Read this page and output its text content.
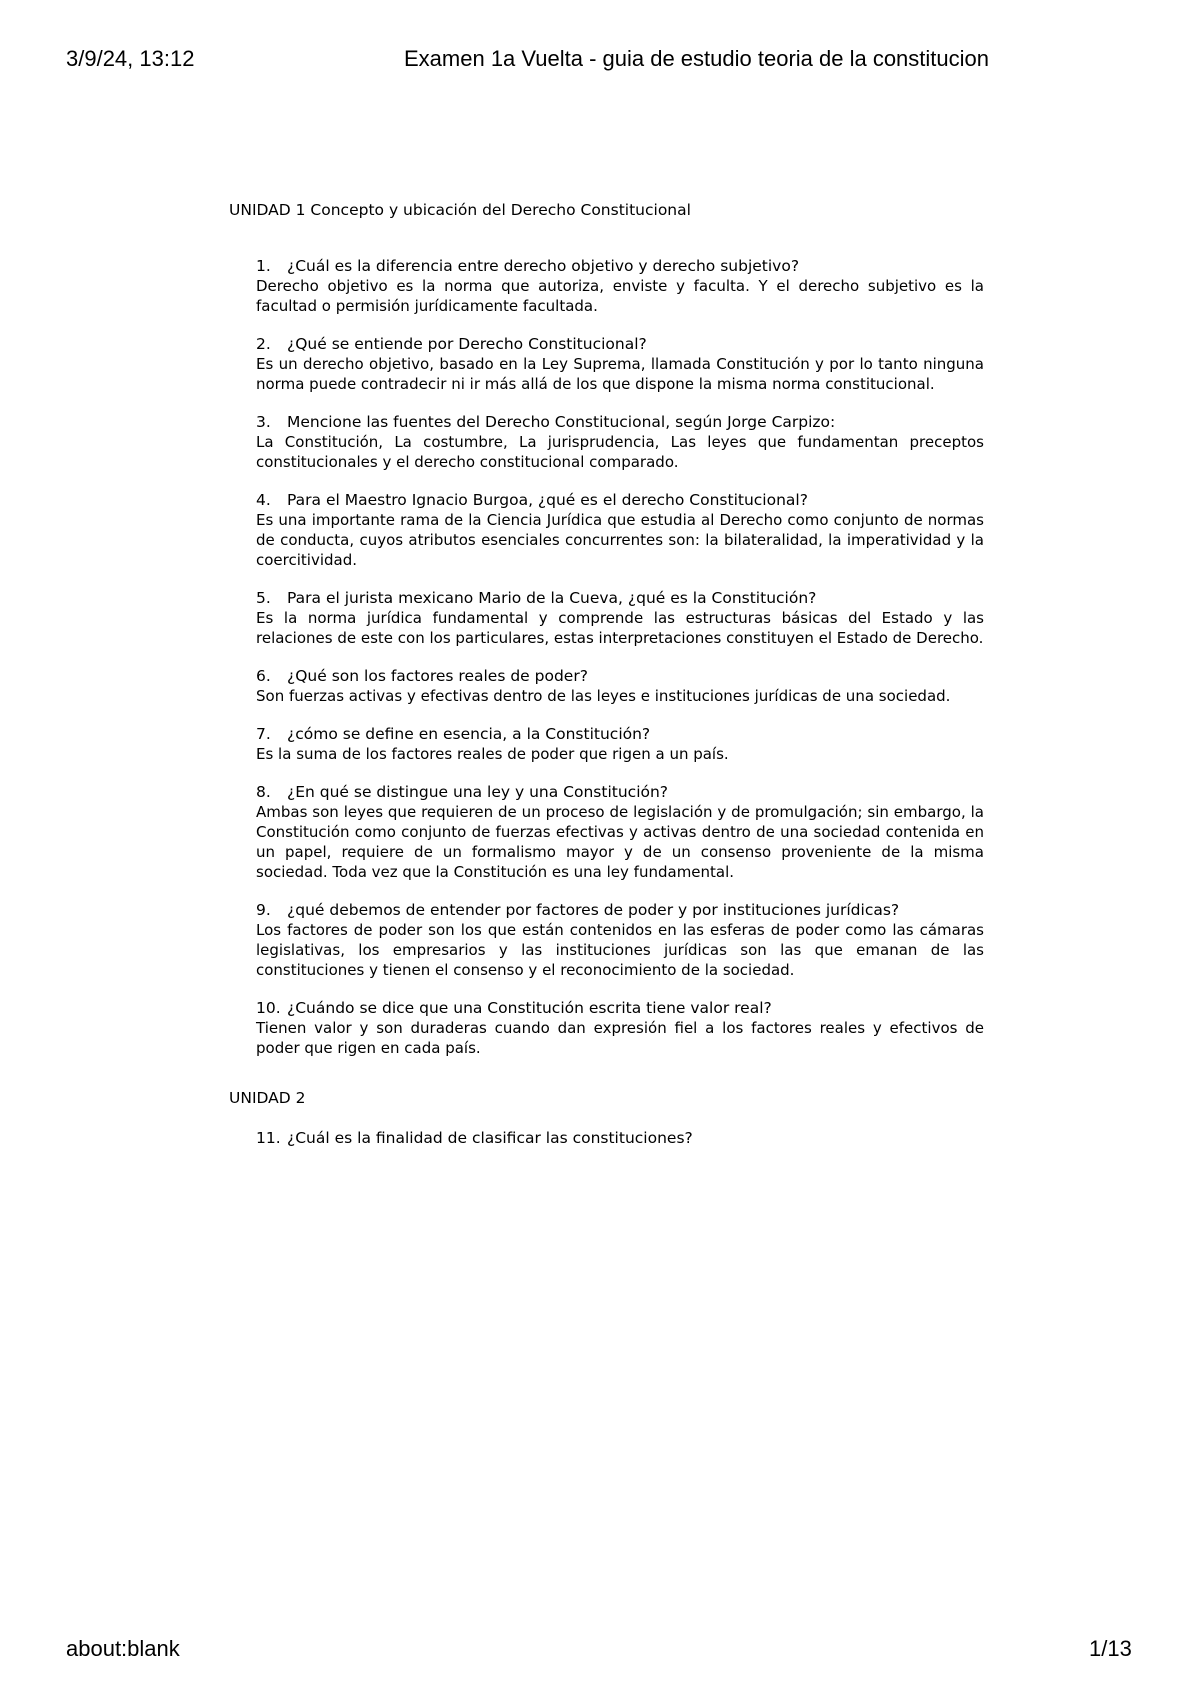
3/9/24, 13:12	Examen 1a Vuelta - guia de estudio teoria de la constitucion
UNIDAD 1 Concepto y ubicación del Derecho Constitucional
1.	¿Cuál es la diferencia entre derecho objetivo y derecho subjetivo?
Derecho objetivo es la norma que autoriza, enviste y faculta. Y el derecho subjetivo es la facultad o permisión jurídicamente facultada.
2.	¿Qué se entiende por Derecho Constitucional?
Es un derecho objetivo, basado en la Ley Suprema, llamada Constitución y por lo tanto ninguna norma puede contradecir ni ir más allá de los que dispone la misma norma constitucional.
3.	Mencione las fuentes del Derecho Constitucional, según Jorge Carpizo:
La Constitución, La costumbre, La jurisprudencia, Las leyes que fundamentan preceptos constitucionales y el derecho constitucional comparado.
4.	Para el Maestro Ignacio Burgoa, ¿qué es el derecho Constitucional?
Es una importante rama de la Ciencia Jurídica que estudia al Derecho como conjunto de normas de conducta, cuyos atributos esenciales concurrentes son: la bilateralidad, la imperatividad y la coercitividad.
5.	Para el jurista mexicano Mario de la Cueva, ¿qué es la Constitución?
Es la norma jurídica fundamental y comprende las estructuras básicas del Estado y las relaciones de este con los particulares, estas interpretaciones constituyen el Estado de Derecho.
6.	¿Qué son los factores reales de poder?
Son fuerzas activas y efectivas dentro de las leyes e instituciones jurídicas de una sociedad.
7.	¿cómo se define en esencia, a la Constitución?
Es la suma de los factores reales de poder que rigen a un país.
8.	¿En qué se distingue una ley y una Constitución?
Ambas son leyes que requieren de un proceso de legislación y de promulgación; sin embargo, la Constitución como conjunto de fuerzas efectivas y activas dentro de una sociedad contenida en un papel, requiere de un formalismo mayor y de un consenso proveniente de la misma sociedad. Toda vez que la Constitución es una ley fundamental.
9.	¿qué debemos de entender por factores de poder y por instituciones jurídicas?
Los factores de poder son los que están contenidos en las esferas de poder como las cámaras legislativas, los empresarios y las instituciones jurídicas son las que emanan de las constituciones y tienen el consenso y el reconocimiento de la sociedad.
10. ¿Cuándo se dice que una Constitución escrita tiene valor real?
Tienen valor y son duraderas cuando dan expresión fiel a los factores reales y efectivos de poder que rigen en cada país.
UNIDAD 2
11. ¿Cuál es la finalidad de clasificar las constituciones?
about:blank	1/13
